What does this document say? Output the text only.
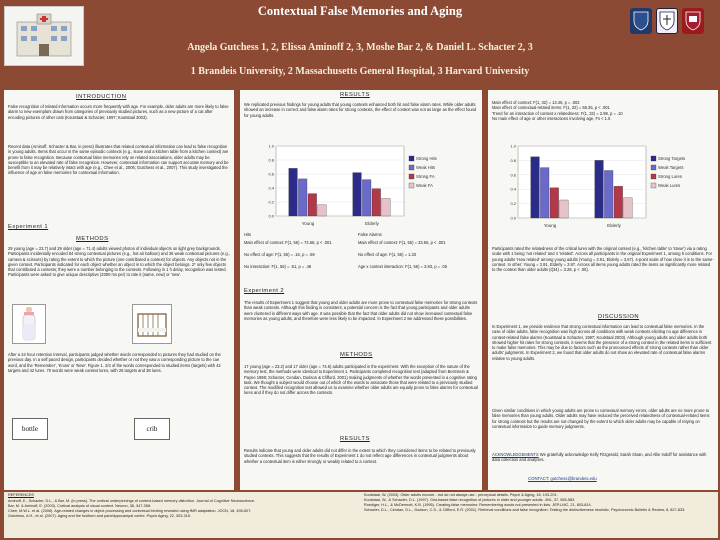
Contextual False Memories and Aging
Angela Gutchess 1, 2, Elissa Aminoff 2, 3, Moshe Bar 2, & Daniel L. Schacter 2, 3
1 Brandeis University, 2 Massachusetts General Hospital, 3 Harvard University
INTRODUCTION
False recognition of related information occurs more frequently with age. For example, older adults are more likely to false alarm to new exemplars drawn from categories of previously studied pictures, such as a new picture of a cat after encoding pictures of other cats (Koutstaal & Schacter, 1997; Koutstaal 2003).
Recent data (Aminoff, Schacter & Bar, in press) illustrates that related contextual information can lead to false recognition in young adults. Items that occur in the same episodic contexts (e.g., stove and a kitchen table from a kitchen context) are prone to false recognition. Because contextual false memories rely on related associations, older adults may be susceptible to an elevated rate of false recognition. However, contextual information can support accurate memory and be benefit from it may be relatively intact with age (e.g., Chee et al., 2006; Gutchess et al., 2007). This study investigated the influence of age on false memories for contextual information.
Experiment 1
METHODS
29 young (age = 23.7) and 29 older (age = 71.4) adults viewed photos of individual objects on light grey backgrounds. Participants incidentally encoded 84 strong contextual pictures (e.g., hot air balloon) and 36 weak contextual pictures (e.g., camera & scissors) by rating the extent to which the picture (one contributed a context) for objects. Any objects not in the given context. Participants indicated for each object whether an object in to which the object belongs. 2* only few objects that contributed a contexts; they were a number belonging to the contexts. Following in 1 h delay, recognition was tested. Participants were asked to give unique descriptive (2000 ms per) to rate it (same, new) or 'new'.
After a 24 hour retention interval, participants judged whether words corresponded to pictures they had studied on the previous day. In a self paced design, participants decided whether or not they saw a corresponding picture to the cue word, and the 'Remember', 'Know' or 'New'. Figure 1. 2/4 of the words corresponded to studied items (targets) with 42 targets and 42 lures. 70 words were weak context lures, with 26 targets and 38 lures.
bottle	crib
RESULTS
We replicated previous findings for young adults that young contexts enhanced both hit and false alarm rates. While older adults showed an increase in correct and false alarm rates for strong contexts, the effect of context was not as large as the effect found for young adults.
0.0
0.2
0.4
0.6
0.8
1.0
Young	Elderly
Strong Hits
Weak Hits
Strong FA
Weak FA
Hits	False Alarms
Main effect of context: F(1, 56) = 74.68, p < .001	Main effect of context: F(1, 56) = 33.56, p < .001
No effect of age: F(1, 56) = .16, p = .69	No effect of age: F(1, 56) = 1.33
No interaction: F(1, 56) = .51, p = .48	Age x context interaction: F(1, 56) = 3.93, p = .05
Experiment 2
The results of Experiment 1 suggest that young and older adults are more prone to contextual false memories for strong contexts than weak contexts. Although this finding is consistent, a potential concern is the fact that young participants and older adults were clustered in different ways with age. It was possible that the fact that older adults did not show increased contextual false memories as young adults, and therefore were less likely to be impacted. In Experiment 2 we addressed these possibilities.
METHODS
17 young (age = 23.2) and 17 older (age = 74.6) adults participated in the experiment. With the exception of the nature of the memory test, the methods were identical to Experiment 1. Participants completed recognition test (adapted from Bernstein & Payne 1998; Schacter, Cendan, Dodson & Clifford, 2001) making judgments of whether the words presented in a cognitive rating task. We thought a subject would choose out of which of the words to associate those that were related to a previously studied context. The modified recognition test allowed us to examine whether older adults are equally prone to false alarms for contextual lures and if they do not differ across the contexts.
RESULTS
Results indicate that young and older adults did not differ in the extent to which they considered items to be related to previously studied contexts. This suggests that the results of Experiment 1 do not reflect age differences in contextual judgments about whether a contextual item is either strongly or weakly related to a context.
Main effect of context: F(1, 32) = 13.46, p = .002
Main effect of contextual-related items: F(1, 32) = 58.35, p < .001
Trend for an interaction of context x relatedness: F(1, 32) = 2.98, p = .10
No main effect of age or other interactions involving age, Fs < 1.5
0.0
0.2
0.4
0.6
0.8
1.0
Young	Elderly
Strong Targets
Weak Targets
Strong Lures
Weak Lures
Participants rated the relatedness of the critical lures with the original context (e.g., 'kitchen table' to 'stove') via a rating scale with 1 being 'not related' and 4 'related'. Across all participants in the original Experiment 1, among 6 conditions. For young adults 'How related' among young adults (Young = 3.91, Elderly = 3.67). 4-point scale of how close it is to the same-context. In other: Young = 3.91, Elderly = 3.97. Across all items young adults rated the items as significantly more related to the context than older adults (t(34) = 3.28, p < .05).
DISCUSSION
In Experiment 1, we provide evidence that strong contextual information can lead to contextual false memories. In the case of older adults, false recognition was high across all conditions with weak contexts eliciting no age difference in context-related false alarms (Koutstaal & Schacter, 1997; Koutstaal 2003). Although young adults and older adults both showed higher hit rates for strong contexts, it seems that the presence of a strong context in the related items is sufficient to make false memories. This may be due to factors such as the pronounced effects of strong contexts rather than older adults' judgments. In Experiment 2, we found that older adults do not show an elevated rate of contextual false alarms relative to young adults.
Given similar conditions in which young adults are prone to contextual memory errors, older adults are no more prone to false memories than young adults. Older adults may have reduced the perceived relatedness of contextual-related items for strong contexts but the results are not changed by the extent to which older adults may be capable of relying on contextual information to guide memory judgments.
ACKNOWLEDGEMENTS We gratefully acknowledge Kelly Fitzgerald, Sarah Sloan, and Allie Indoff for assistance with data collection and analyses.
CONTACT: gutchess@brandeis.edu
REFERENCES
Aminoff, E., Schacter, D.L., & Bar, M. (in press). The cortical underpinnings of context-based memory distortion. Journal of Cognitive Neuroscience.
Bar, M. & Aminoff, E. (2003). Cortical analysis of visual context. Neuron, 38, 347-358.
Chee, M.W.L. et al. (2006). Age-related changes in object processing and contextual binding revealed using fMR adaptation. JOCN, 18, 495-507.
Gutchess, A.H., et al. (2007). Aging and the fusiform and parahippocampal cortex. Psych Aging, 22, 303-315.
Koutstaal, W. (2003). Older adults encode - but do not always use - perceptual details. Psych & Aging, 18, 193-201.
Koutstaal, W., & Schacter, D.L. (1997). Gist-based false recognition of pictures in older and younger adults. JML, 37, 555-583.
Roediger, H.L., & McDermott, K.B. (1995). Creating false memories: Remembering words not presented in lists. JEP:LMC, 21, 803-814.
Schacter, D.L., Cendan, D.L., Dodson, C.S., & Clifford, E.R. (2001). Retrieval conditions and false recognition: Testing the distinctiveness heuristic. Psychonomic Bulletin & Review, 8, 827-833.
